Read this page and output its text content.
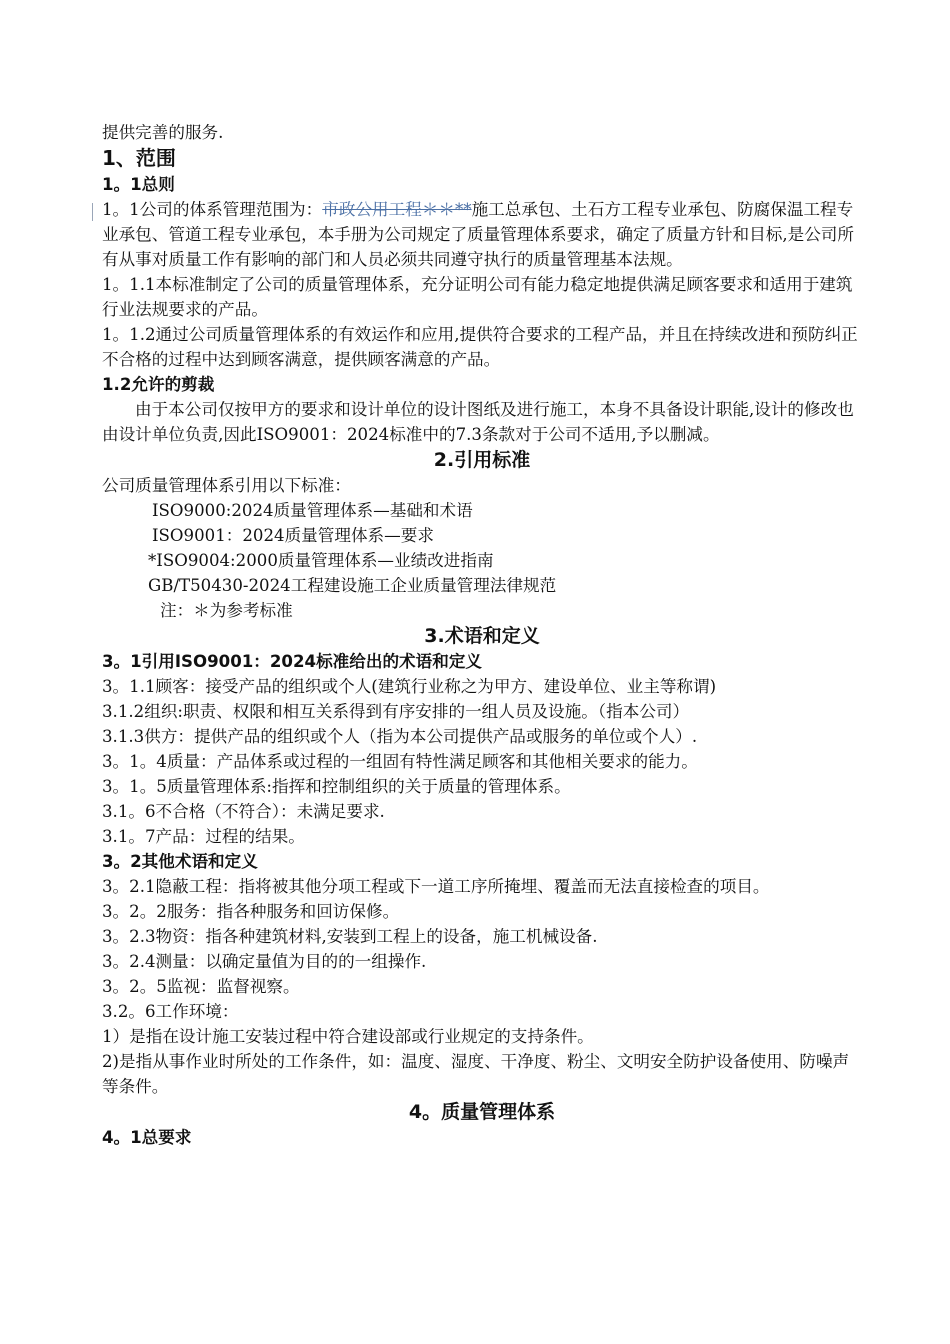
提供完善的服务.

1、范围

1。1总则

1。1公司的体系管理范围为：市政公用工程＊＊**施工总承包、土石方工程专业承包、防腐保温工程专业承包、管道工程专业承包，本手册为公司规定了质量管理体系要求，确定了质量方针和目标,是公司所有从事对质量工作有影响的部门和人员必须共同遵守执行的质量管理基本法规。

1。1.1本标准制定了公司的质量管理体系，充分证明公司有能力稳定地提供满足顾客要求和适用于建筑行业法规要求的产品。

1。1.2通过公司质量管理体系的有效运作和应用,提供符合要求的工程产品，并且在持续改进和预防纠正不合格的过程中达到顾客满意，提供顾客满意的产品。

1.2允许的剪裁

由于本公司仅按甲方的要求和设计单位的设计图纸及进行施工，本身不具备设计职能,设计的修改也由设计单位负责,因此ISO9001：2024标准中的7.3条款对于公司不适用,予以删减。

2.引用标准

公司质量管理体系引用以下标准：

ISO9000:2024质量管理体系—基础和术语

ISO9001：2024质量管理体系—要求

*ISO9004:2000质量管理体系—业绩改进指南

GB/T50430-2024工程建设施工企业质量管理法律规范

注：＊为参考标准

3.术语和定义

3。1引用ISO9001：2024标准给出的术语和定义

3。1.1顾客：接受产品的组织或个人(建筑行业称之为甲方、建设单位、业主等称谓)

3.1.2组织:职责、权限和相互关系得到有序安排的一组人员及设施。（指本公司）

3.1.3供方：提供产品的组织或个人（指为本公司提供产品或服务的单位或个人）.

3。1。4质量：产品体系或过程的一组固有特性满足顾客和其他相关要求的能力。

3。1。5质量管理体系:指挥和控制组织的关于质量的管理体系。

3.1。6不合格（不符合）：未满足要求.

3.1。7产品：过程的结果。

3。2其他术语和定义

3。2.1隐蔽工程：指将被其他分项工程或下一道工序所掩埋、覆盖而无法直接检查的项目。

3。2。2服务：指各种服务和回访保修。

3。2.3物资：指各种建筑材料,安装到工程上的设备，施工机械设备.

3。2.4测量：以确定量值为目的的一组操作.

3。2。5监视：监督视察。

3.2。6工作环境：

1）是指在设计施工安装过程中符合建设部或行业规定的支持条件。

2)是指从事作业时所处的工作条件，如：温度、湿度、干净度、粉尘、文明安全防护设备使用、防噪声等条件。

4。质量管理体系

4。1总要求
